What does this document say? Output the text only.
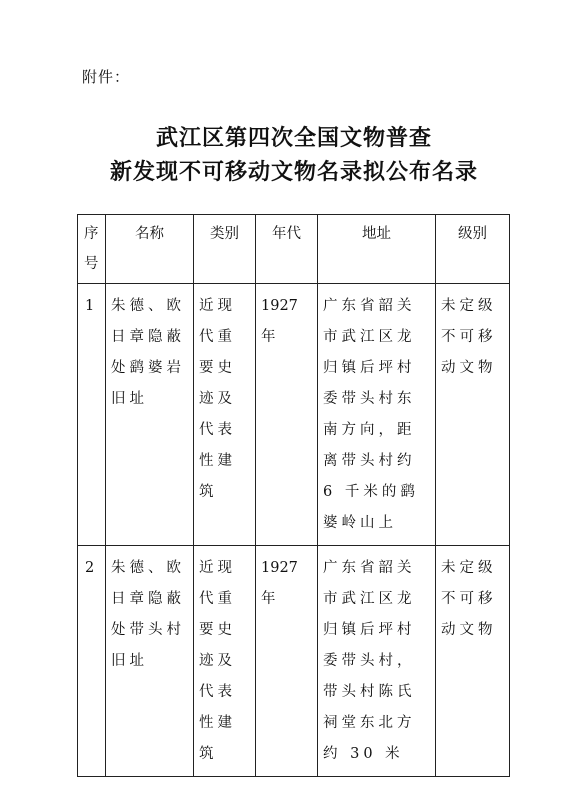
附件：
武江区第四次全国文物普查
新发现不可移动文物名录拟公布名录
序号	名称	类别	年代	地址	级别
1	朱德、欧日章隐蔽处鹞婆岩旧址	近现代重要史迹及代表性建筑	1927 年	广东省韶关市武江区龙归镇后坪村委带头村东南方向，距离带头村约 6 千米的鹞婆岭山上	未定级不可移动文物
2	朱德、欧日章隐蔽处带头村旧址	近现代重要史迹及代表性建筑	1927 年	广东省韶关市武江区龙归镇后坪村委带头村，带头村陈氏祠堂东北方约 30 米	未定级不可移动文物
